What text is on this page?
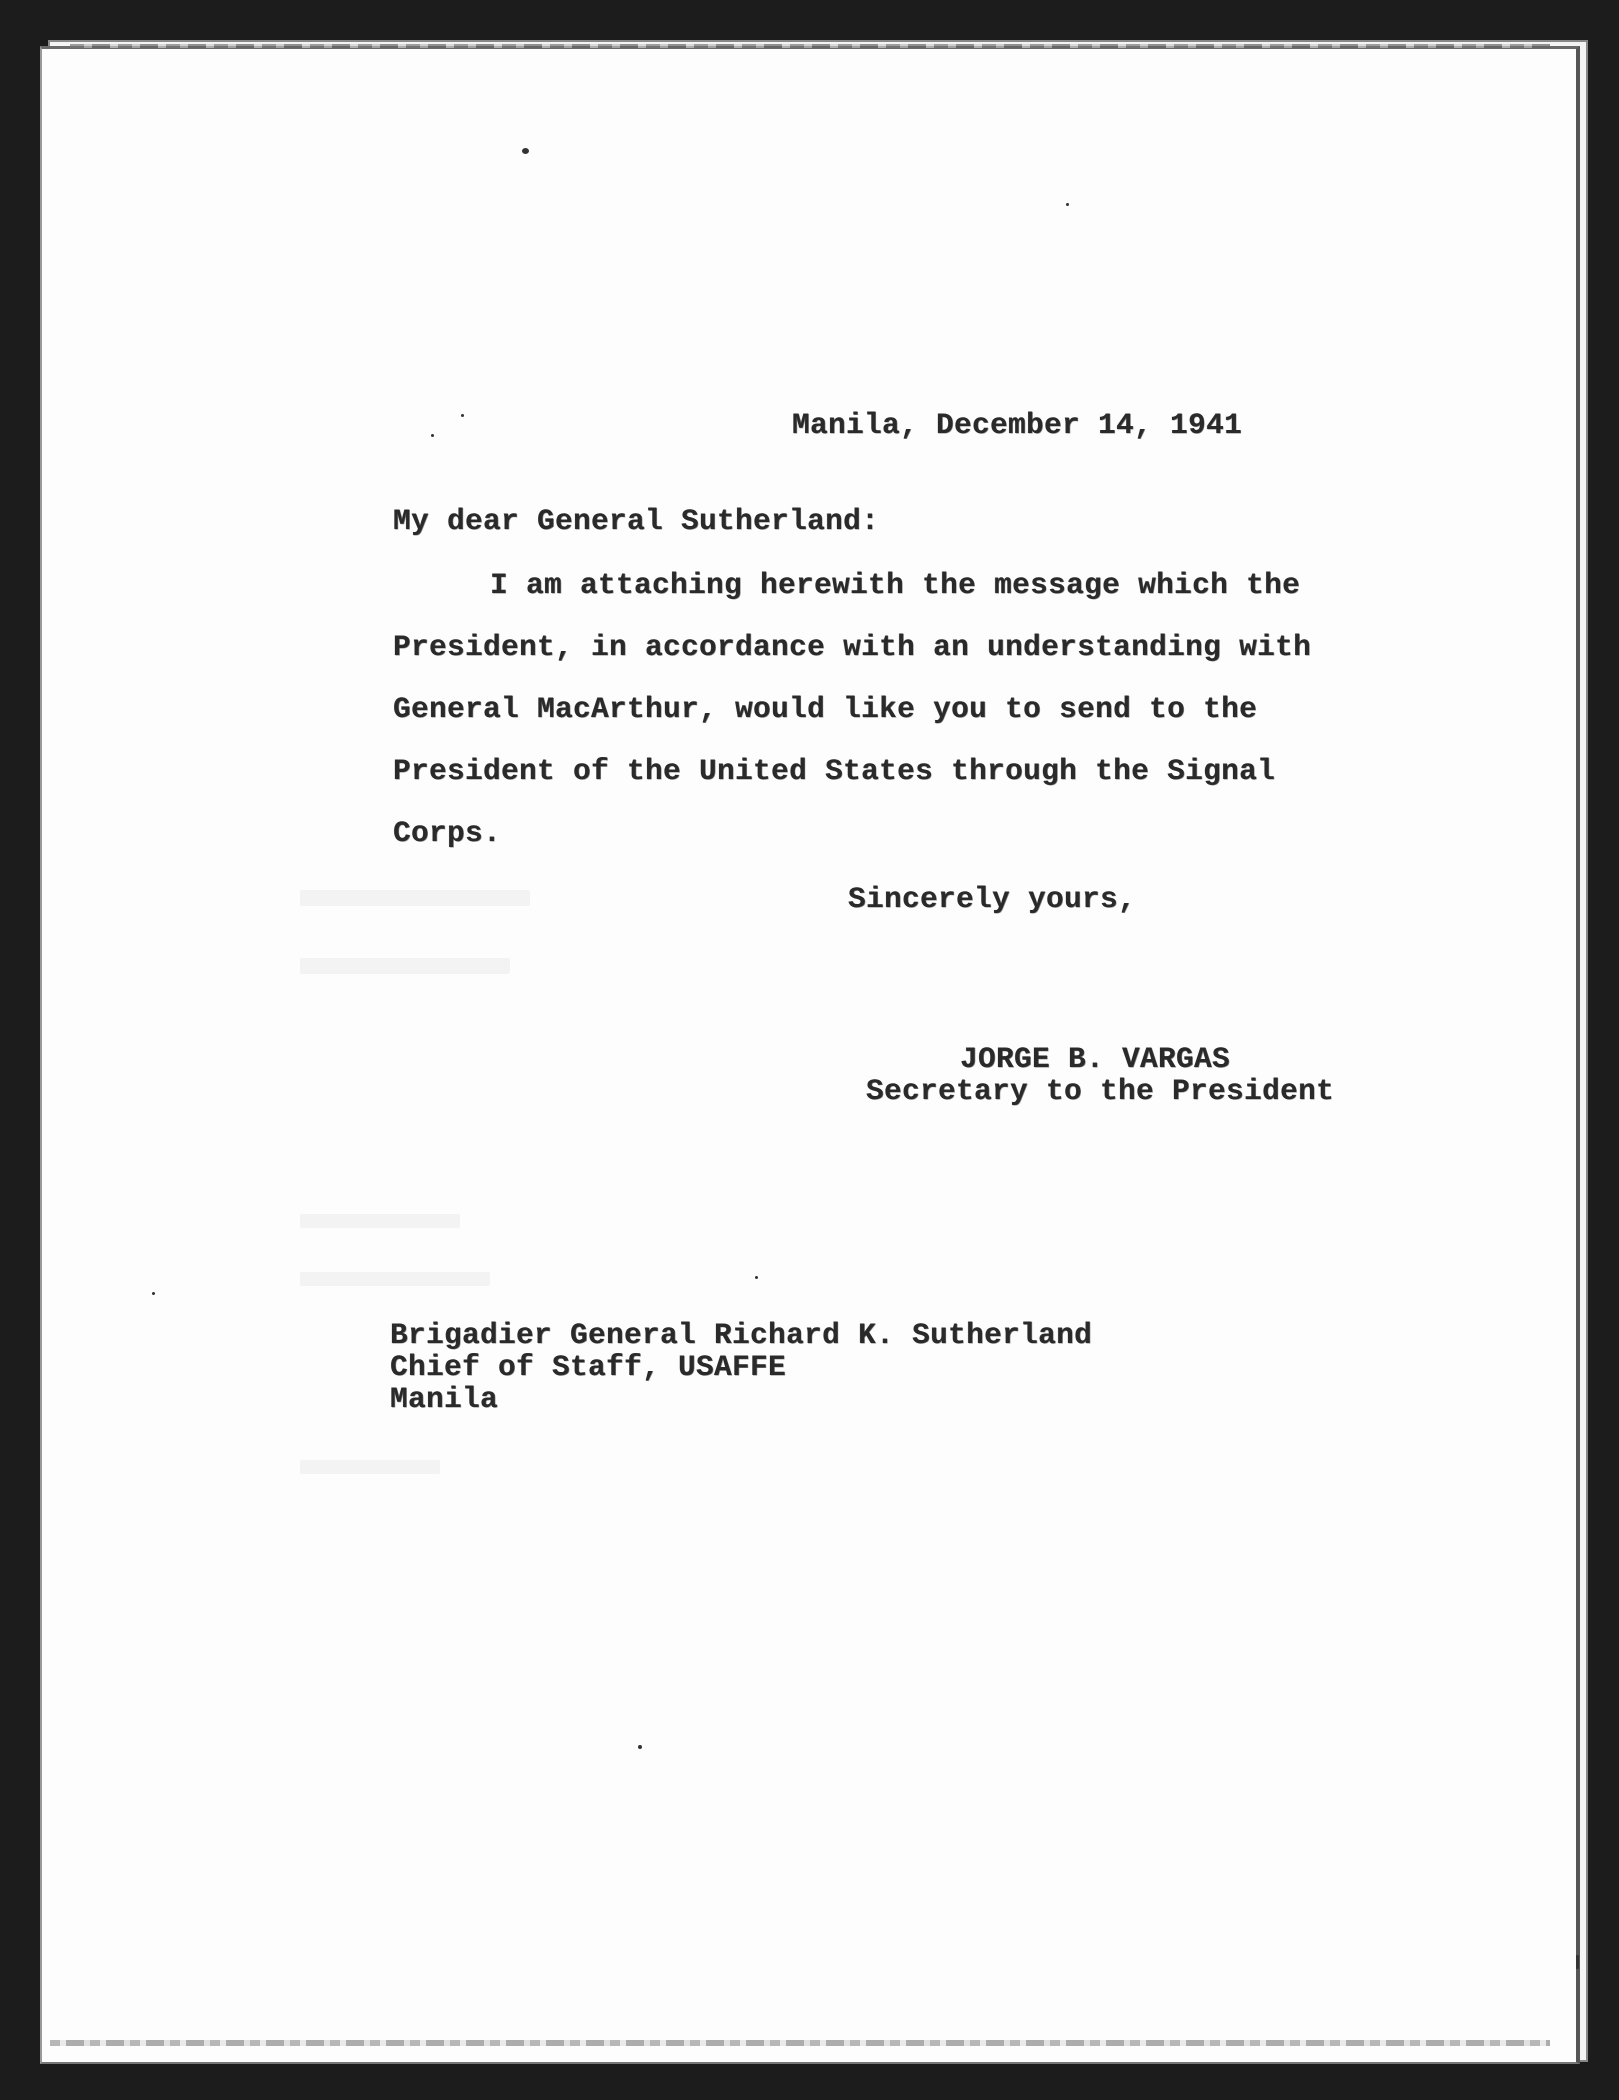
Manila, December 14, 1941
My dear General Sutherland:
I am attaching herewith the message which the
President, in accordance with an understanding with
General MacArthur, would like you to send to the
President of the United States through the Signal
Corps.
Sincerely yours,
JORGE B. VARGAS
Secretary to the President
Brigadier General Richard K. Sutherland
Chief of Staff, USAFFE
Manila
